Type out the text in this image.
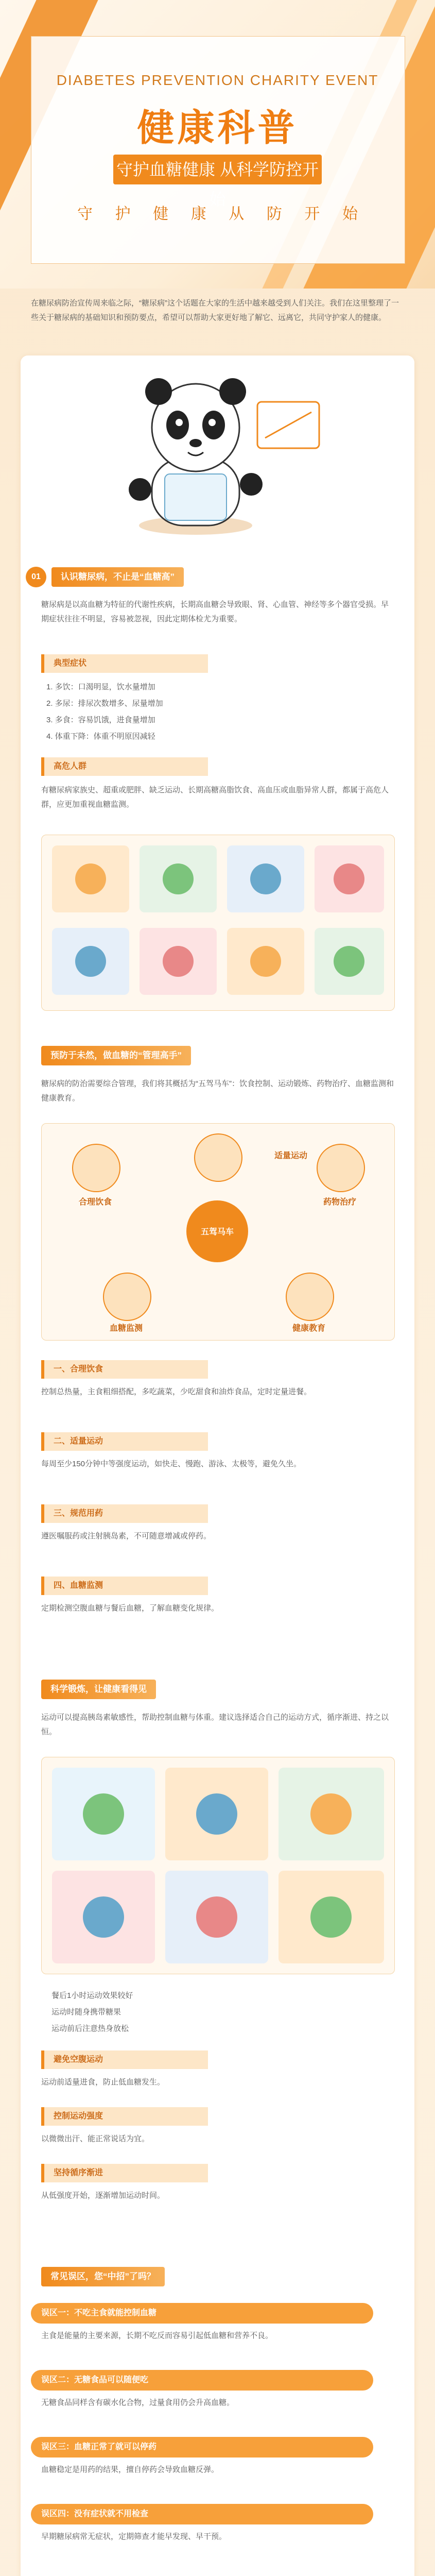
DIABETES PREVENTION CHARITY EVENT
健康科普
守护血糖健康 从科学防控开始
守 护 健 康 从 防 开 始
在糖尿病防治宣传周来临之际，“糖尿病”这个话题在大家的生活中越来越受到人们关注。我们在这里整理了一些关于糖尿病的基础知识和预防要点，希望可以帮助大家更好地了解它、远离它，共同守护家人的健康。
01	认识糖尿病，不止是“血糖高”
糖尿病是以高血糖为特征的代谢性疾病，长期高血糖会导致眼、肾、心血管、神经等多个器官受损。早期症状往往不明显，容易被忽视，因此定期体检尤为重要。
典型症状
1. 多饮：口渴明显，饮水量增加
2. 多尿：排尿次数增多、尿量增加
3. 多食：容易饥饿，进食量增加
4. 体重下降：体重不明原因减轻
高危人群
有糖尿病家族史、超重或肥胖、缺乏运动、长期高糖高脂饮食、高血压或血脂异常人群，都属于高危人群，应更加重视血糖监测。
预防于未然，做血糖的“管理高手”
糖尿病的防治需要综合管理，我们将其概括为“五驾马车”：饮食控制、运动锻炼、药物治疗、血糖监测和健康教育。
五驾马车
合理饮食
适量运动
药物治疗
血糖监测	健康教育
一、合理饮食
控制总热量，主食粗细搭配，多吃蔬菜，少吃甜食和油炸食品，定时定量进餐。
二、适量运动
每周至少150分钟中等强度运动，如快走、慢跑、游泳、太极等，避免久坐。
三、规范用药
遵医嘱服药或注射胰岛素，不可随意增减或停药。
四、血糖监测
定期检测空腹血糖与餐后血糖，了解血糖变化规律。
科学锻炼，让健康看得见
运动可以提高胰岛素敏感性，帮助控制血糖与体重。建议选择适合自己的运动方式，循序渐进、持之以恒。
餐后1小时运动效果较好
运动时随身携带糖果
运动前后注意热身放松
避免空腹运动
运动前适量进食，防止低血糖发生。
控制运动强度
以微微出汗、能正常说话为宜。
坚持循序渐进
从低强度开始，逐渐增加运动时间。
常见误区，您“中招”了吗？
误区一：不吃主食就能控制血糖
主食是能量的主要来源，长期不吃反而容易引起低血糖和营养不良。
误区二：无糖食品可以随便吃
无糖食品同样含有碳水化合物，过量食用仍会升高血糖。
误区三：血糖正常了就可以停药
血糖稳定是用药的结果，擅自停药会导致血糖反弹。
误区四：没有症状就不用检查
早期糖尿病常无症状，定期筛查才能早发现、早干预。
